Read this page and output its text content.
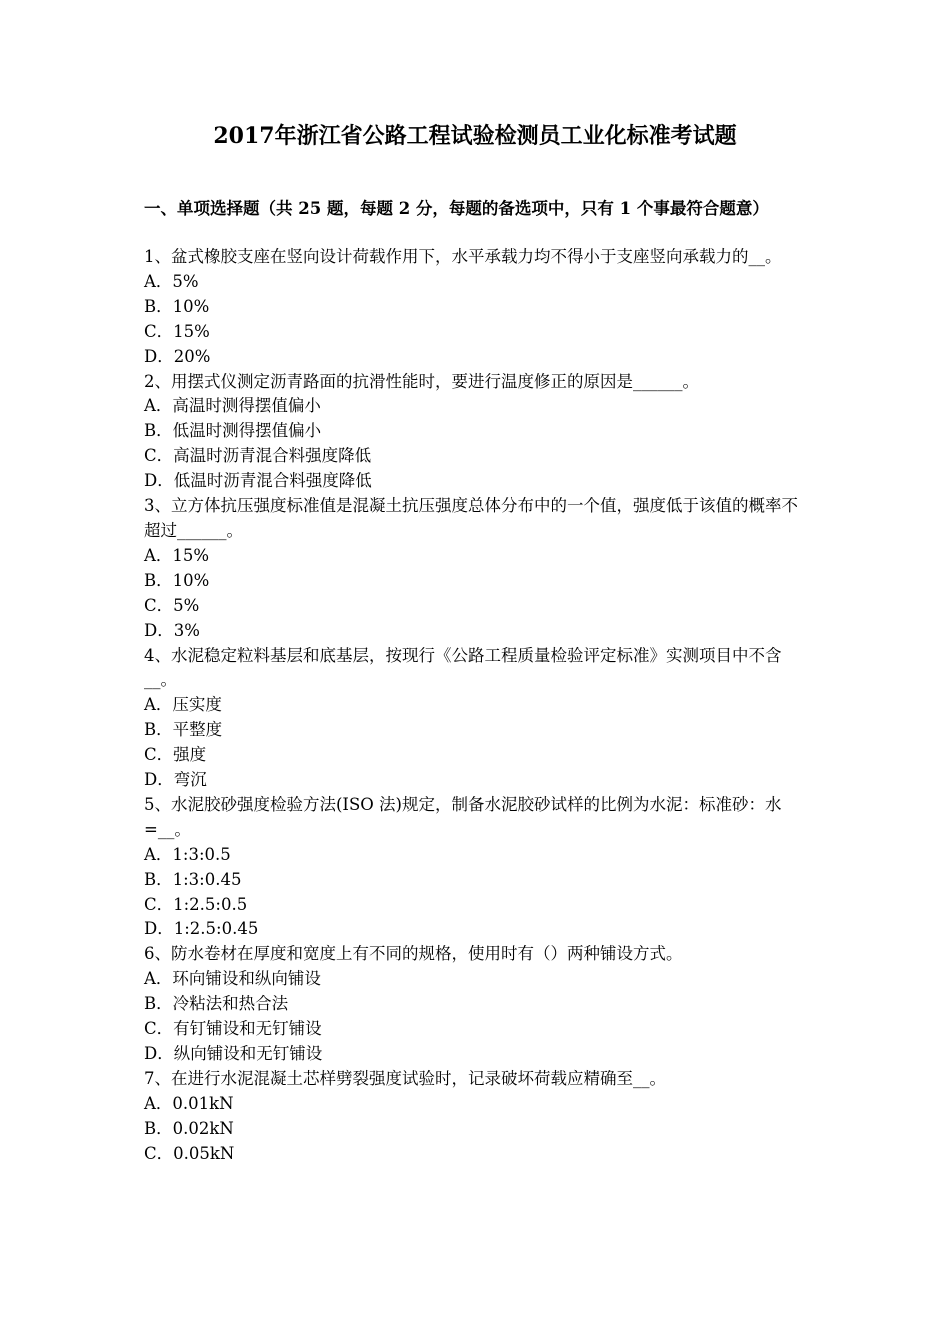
2017年浙江省公路工程试验检测员工业化标准考试题
一、单项选择题（共 25 题，每题 2 分，每题的备选项中，只有 1 个事最符合题意）

1、盆式橡胶支座在竖向设计荷载作用下，水平承载力均不得小于支座竖向承载力的__。

A．5%

B．10%

C．15%

D．20%

2、用摆式仪测定沥青路面的抗滑性能时，要进行温度修正的原因是______。

A．高温时测得摆值偏小

B．低温时测得摆值偏小

C．高温时沥青混合料强度降低

D．低温时沥青混合料强度降低

3、立方体抗压强度标准值是混凝土抗压强度总体分布中的一个值，强度低于该值的概率不超过______。

A．15%

B．10%

C．5%

D．3%

4、水泥稳定粒料基层和底基层，按现行《公路工程质量检验评定标准》实测项目中不含__。

A．压实度

B．平整度

C．强度

D．弯沉

5、水泥胶砂强度检验方法(ISO 法)规定，制备水泥胶砂试样的比例为水泥：标准砂：水=__。

A．1:3:0.5

B．1:3:0.45

C．1:2.5:0.5

D．1:2.5:0.45

6、防水卷材在厚度和宽度上有不同的规格，使用时有（）两种铺设方式。

A．环向铺设和纵向铺设

B．冷粘法和热合法

C．有钉铺设和无钉铺设

D．纵向铺设和无钉铺设

7、在进行水泥混凝土芯样劈裂强度试验时，记录破坏荷载应精确至__。

A．0.01kN

B．0.02kN

C．0.05kN
